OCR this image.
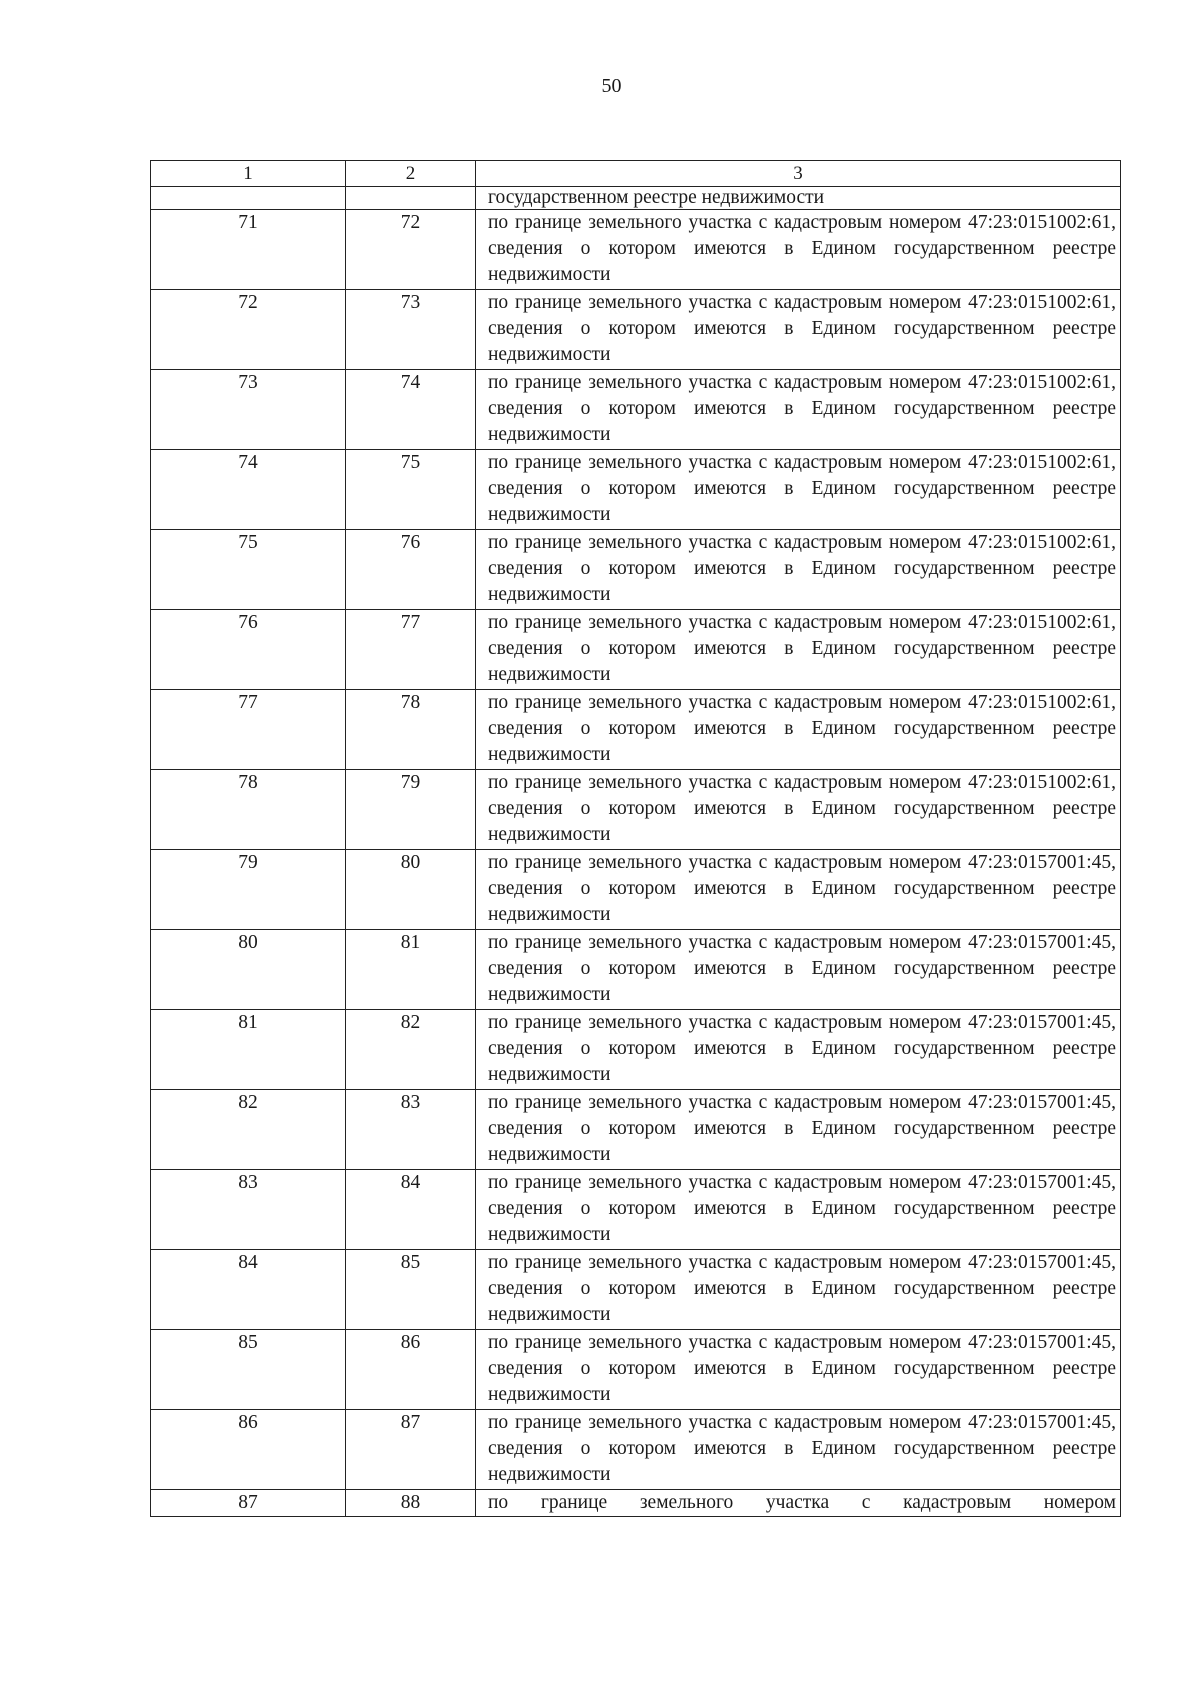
50
1	2	3
		государственном реестре недвижимости
71	72	по границе земельного участка с кадастровым номером 47:23:0151002:61, сведения о котором имеются в Едином государственном реестре недвижимости
72	73	по границе земельного участка с кадастровым номером 47:23:0151002:61, сведения о котором имеются в Едином государственном реестре недвижимости
73	74	по границе земельного участка с кадастровым номером 47:23:0151002:61, сведения о котором имеются в Едином государственном реестре недвижимости
74	75	по границе земельного участка с кадастровым номером 47:23:0151002:61, сведения о котором имеются в Едином государственном реестре недвижимости
75	76	по границе земельного участка с кадастровым номером 47:23:0151002:61, сведения о котором имеются в Едином государственном реестре недвижимости
76	77	по границе земельного участка с кадастровым номером 47:23:0151002:61, сведения о котором имеются в Едином государственном реестре недвижимости
77	78	по границе земельного участка с кадастровым номером 47:23:0151002:61, сведения о котором имеются в Едином государственном реестре недвижимости
78	79	по границе земельного участка с кадастровым номером 47:23:0151002:61, сведения о котором имеются в Едином государственном реестре недвижимости
79	80	по границе земельного участка с кадастровым номером 47:23:0157001:45, сведения о котором имеются в Едином государственном реестре недвижимости
80	81	по границе земельного участка с кадастровым номером 47:23:0157001:45, сведения о котором имеются в Едином государственном реестре недвижимости
81	82	по границе земельного участка с кадастровым номером 47:23:0157001:45, сведения о котором имеются в Едином государственном реестре недвижимости
82	83	по границе земельного участка с кадастровым номером 47:23:0157001:45, сведения о котором имеются в Едином государственном реестре недвижимости
83	84	по границе земельного участка с кадастровым номером 47:23:0157001:45, сведения о котором имеются в Едином государственном реестре недвижимости
84	85	по границе земельного участка с кадастровым номером 47:23:0157001:45, сведения о котором имеются в Едином государственном реестре недвижимости
85	86	по границе земельного участка с кадастровым номером 47:23:0157001:45, сведения о котором имеются в Едином государственном реестре недвижимости
86	87	по границе земельного участка с кадастровым номером 47:23:0157001:45, сведения о котором имеются в Едином государственном реестре недвижимости
87	88	по границе земельного участка с кадастровым номером
